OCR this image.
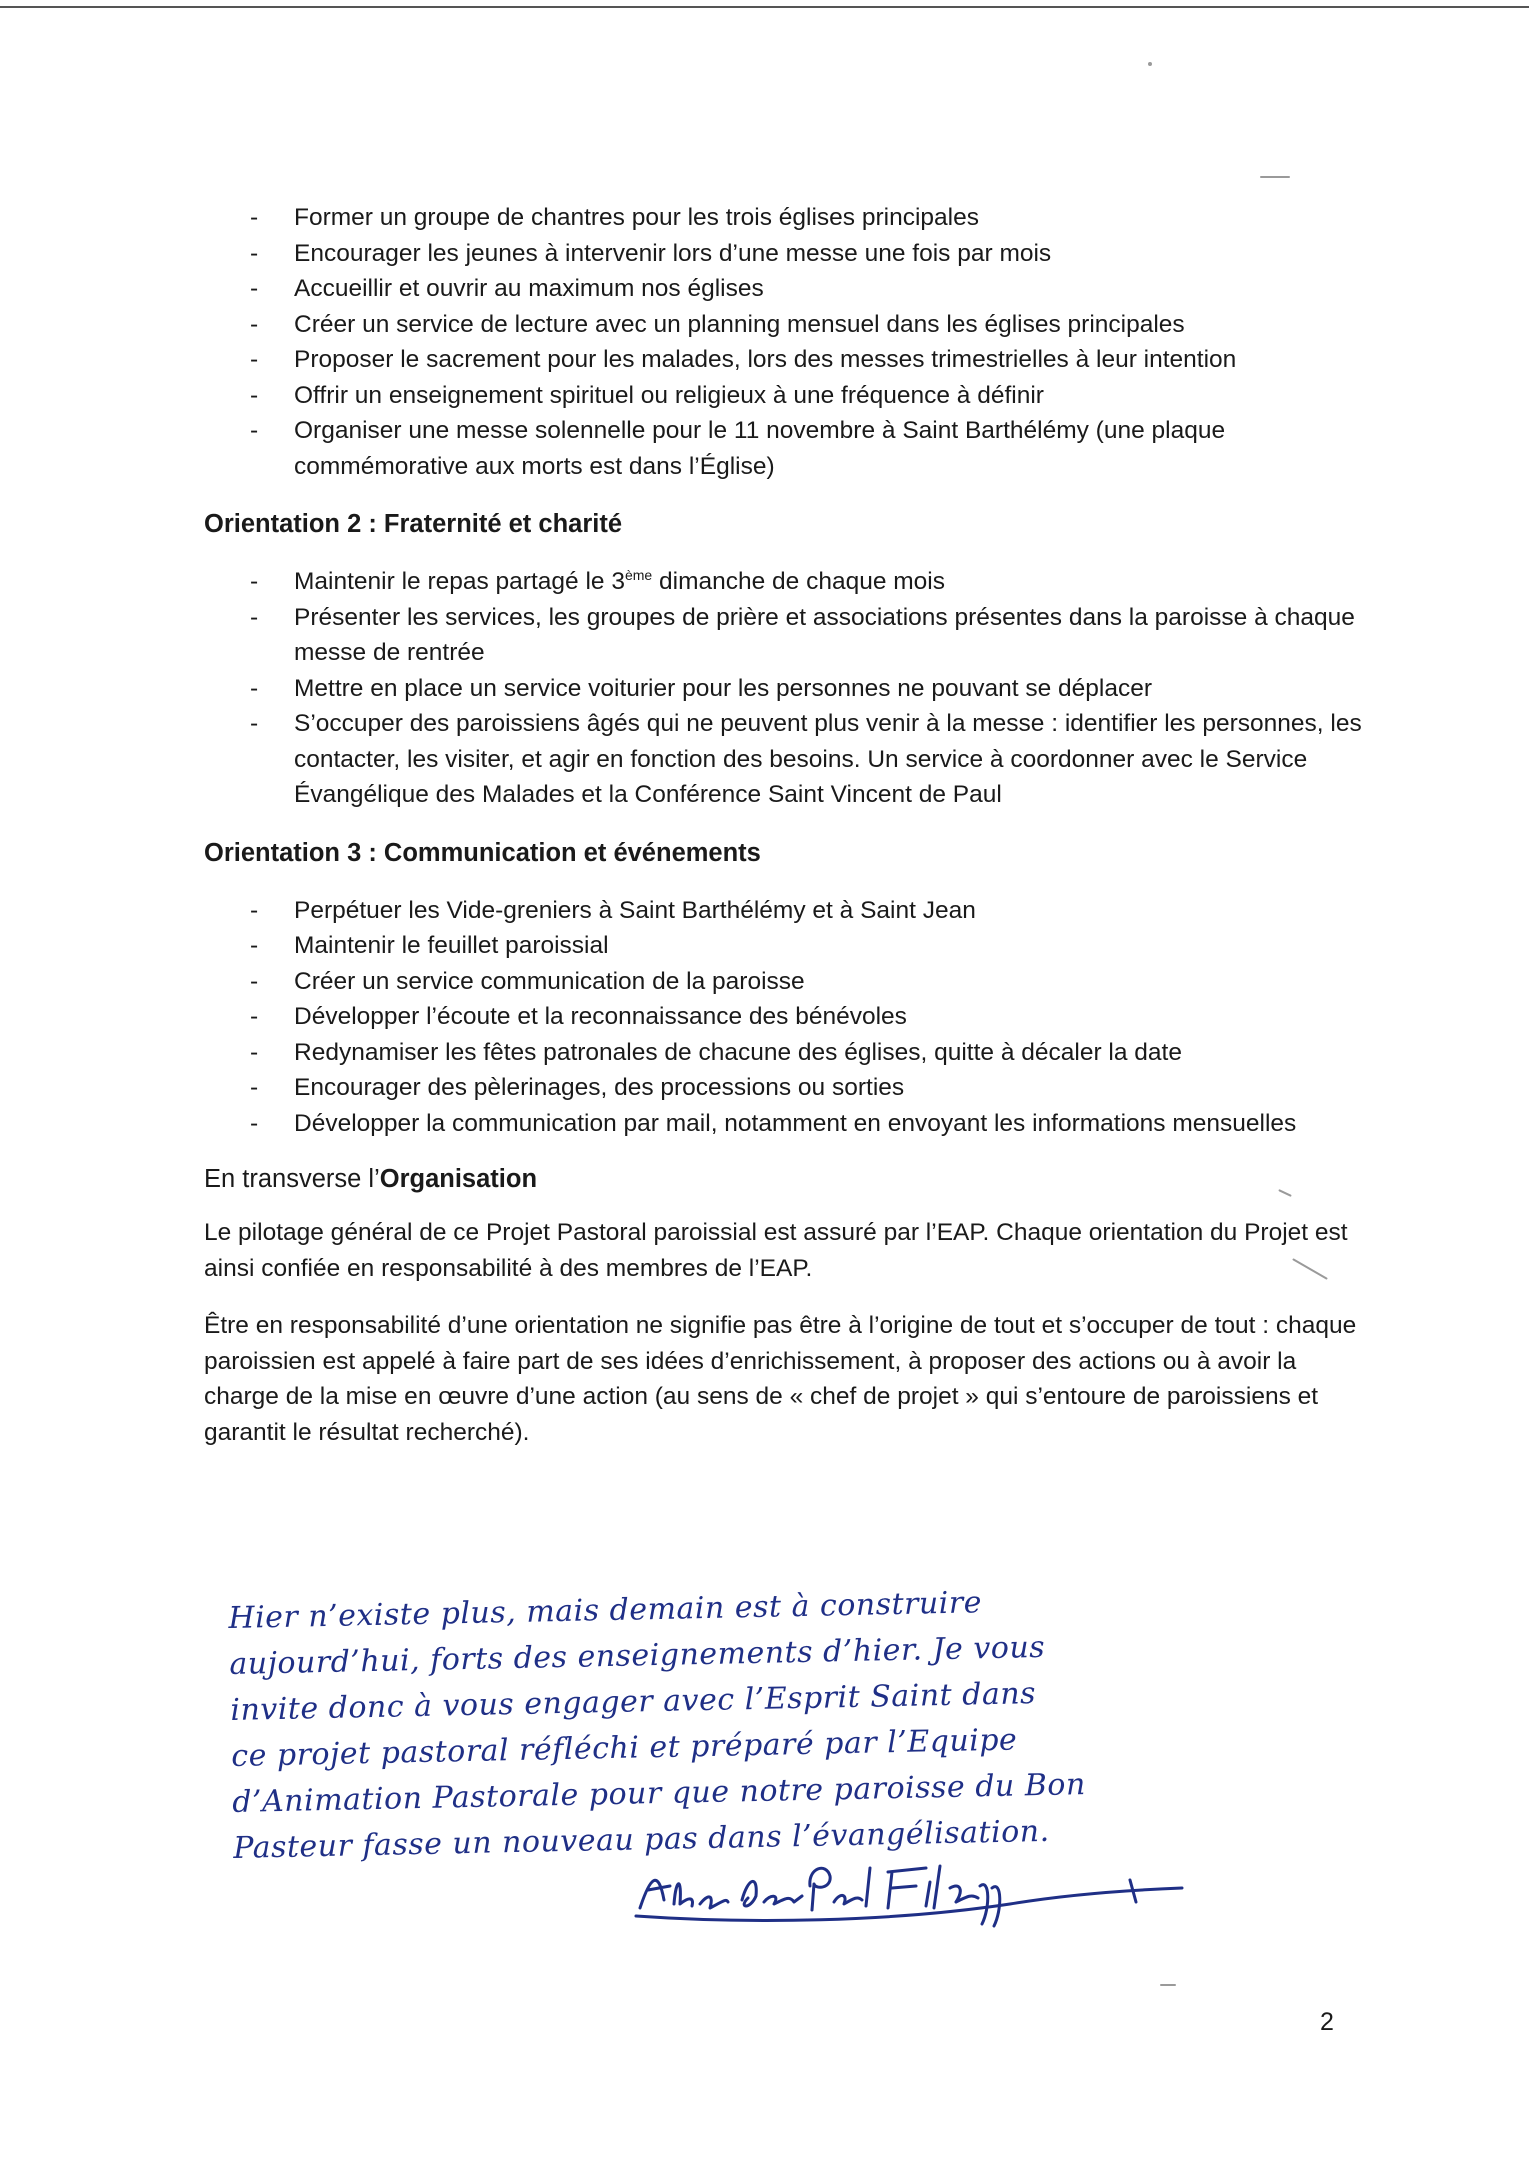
- Former un groupe de chantres pour les trois églises principales
- Encourager les jeunes à intervenir lors d’une messe une fois par mois
- Accueillir et ouvrir au maximum nos églises
- Créer un service de lecture avec un planning mensuel dans les églises principales
- Proposer le sacrement pour les malades, lors des messes trimestrielles à leur intention
- Offrir un enseignement spirituel ou religieux à une fréquence à définir
- Organiser une messe solennelle pour le 11 novembre à Saint Barthélémy (une plaque commémorative aux morts est dans l’Église)
Orientation 2 : Fraternité et charité
- Maintenir le repas partagé le 3ème dimanche de chaque mois
- Présenter les services, les groupes de prière et associations présentes dans la paroisse à chaque messe de rentrée
- Mettre en place un service voiturier pour les personnes ne pouvant se déplacer
- S’occuper des paroissiens âgés qui ne peuvent plus venir à la messe : identifier les personnes, les contacter, les visiter, et agir en fonction des besoins. Un service à coordonner avec le Service Évangélique des Malades et la Conférence Saint Vincent de Paul
Orientation 3 : Communication et événements
- Perpétuer les Vide-greniers à Saint Barthélémy et à Saint Jean
- Maintenir le feuillet paroissial
- Créer un service communication de la paroisse
- Développer l’écoute et la reconnaissance des bénévoles
- Redynamiser les fêtes patronales de chacune des églises, quitte à décaler la date
- Encourager des pèlerinages, des processions ou sorties
- Développer la communication par mail, notamment en envoyant les informations mensuelles
En transverse l’Organisation

Le pilotage général de ce Projet Pastoral paroissial est assuré par l’EAP. Chaque orientation du Projet est ainsi confiée en responsabilité à des membres de l’EAP.

Être en responsabilité d’une orientation ne signifie pas être à l’origine de tout et s’occuper de tout : chaque paroissien est appelé à faire part de ses idées d’enrichissement, à proposer des actions ou à avoir la charge de la mise en œuvre d’une action (au sens de « chef de projet » qui s’entoure de paroissiens et garantit le résultat recherché).

Hier n’existe plus, mais demain est à construire
aujourd’hui, forts des enseignements d’hier. Je vous
invite donc à vous engager avec l’Esprit Saint dans
ce projet pastoral réfléchi et préparé par l’Equipe
d’Animation Pastorale pour que notre paroisse du Bon
Pasteur fasse un nouveau pas dans l’évangélisation.
2
